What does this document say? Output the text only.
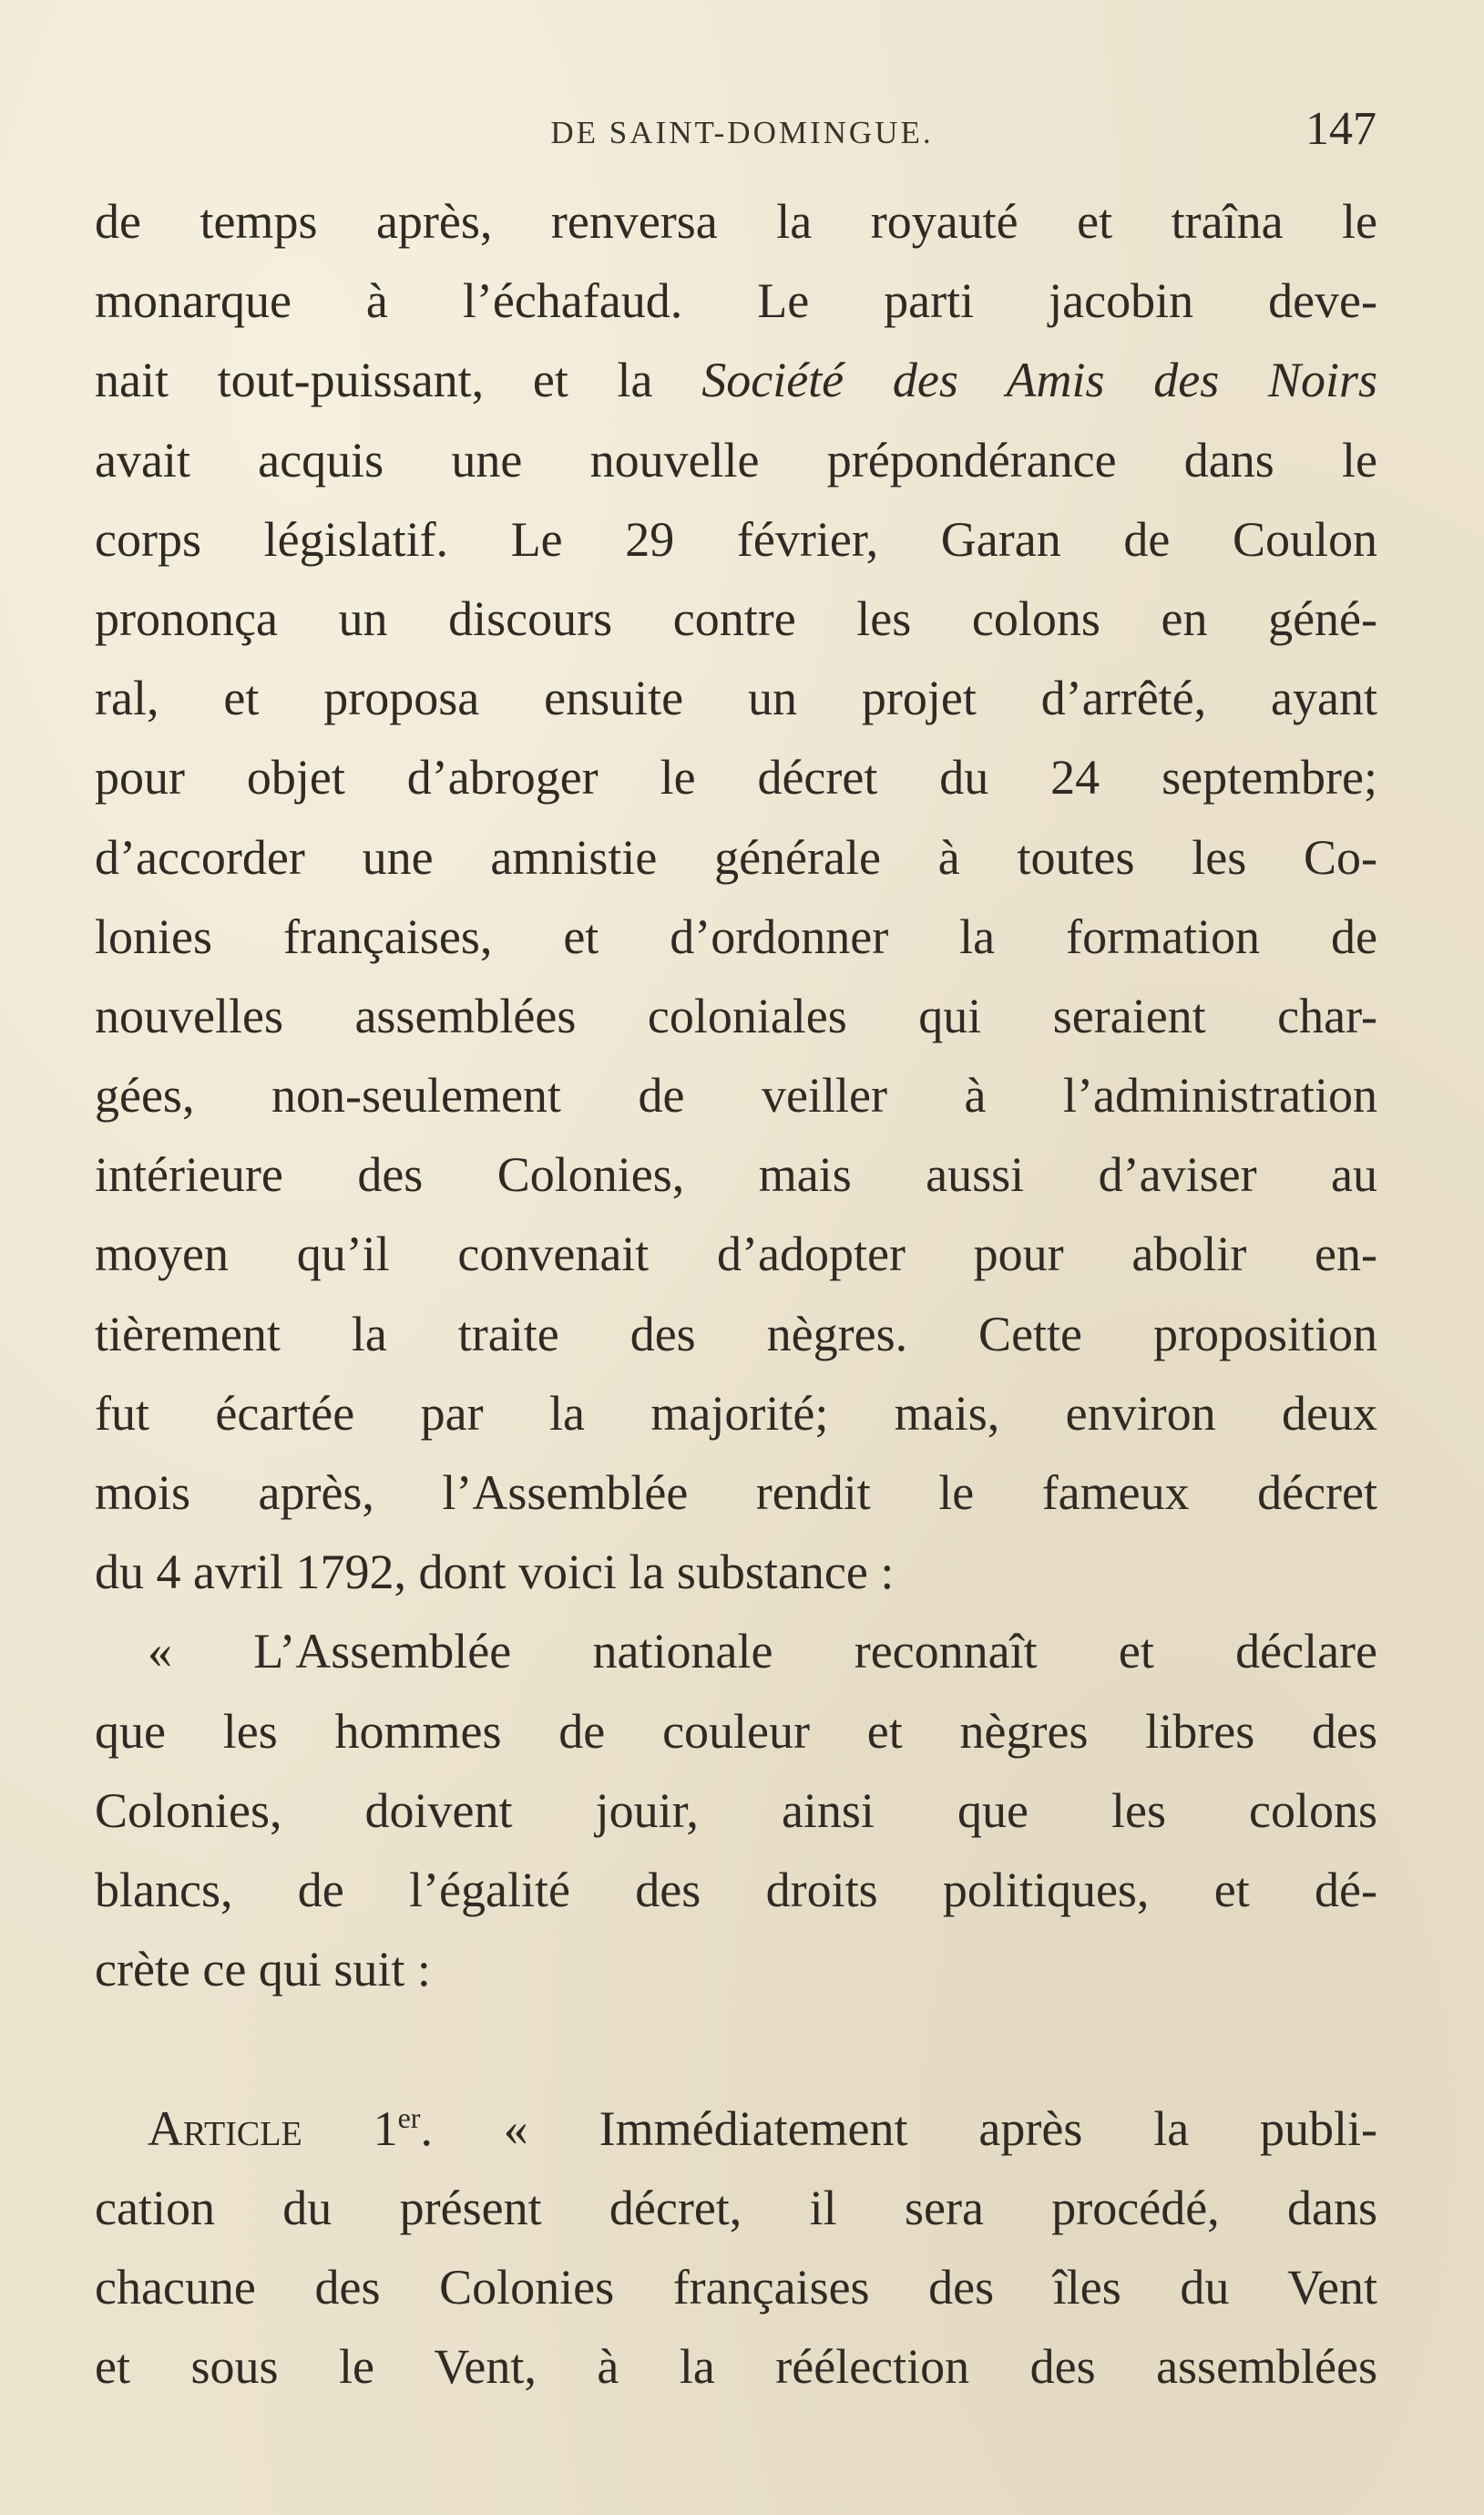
DE SAINT-DOMINGUE.	147
de temps après, renversa la royauté et traîna le
monarque à l’échafaud. Le parti jacobin deve-
nait tout-puissant, et la Société des Amis des Noirs
avait acquis une nouvelle prépondérance dans le
corps législatif. Le 29 février, Garan de Coulon
prononça un discours contre les colons en géné-
ral, et proposa ensuite un projet d’arrêté, ayant
pour objet d’abroger le décret du 24 septembre;
d’accorder une amnistie générale à toutes les Co-
lonies françaises, et d’ordonner la formation de
nouvelles assemblées coloniales qui seraient char-
gées, non-seulement de veiller à l’administration
intérieure des Colonies, mais aussi d’aviser au
moyen qu’il convenait d’adopter pour abolir en-
tièrement la traite des nègres. Cette proposition
fut écartée par la majorité; mais, environ deux
mois après, l’Assemblée rendit le fameux décret
du 4 avril 1792, dont voici la substance :
« L’Assemblée nationale reconnaît et déclare
que les hommes de couleur et nègres libres des
Colonies, doivent jouir, ainsi que les colons
blancs, de l’égalité des droits politiques, et dé-
crète ce qui suit :
Article 1er. « Immédiatement après la publi-
cation du présent décret, il sera procédé, dans
chacune des Colonies françaises des îles du Vent
et sous le Vent, à la réélection des assemblées
